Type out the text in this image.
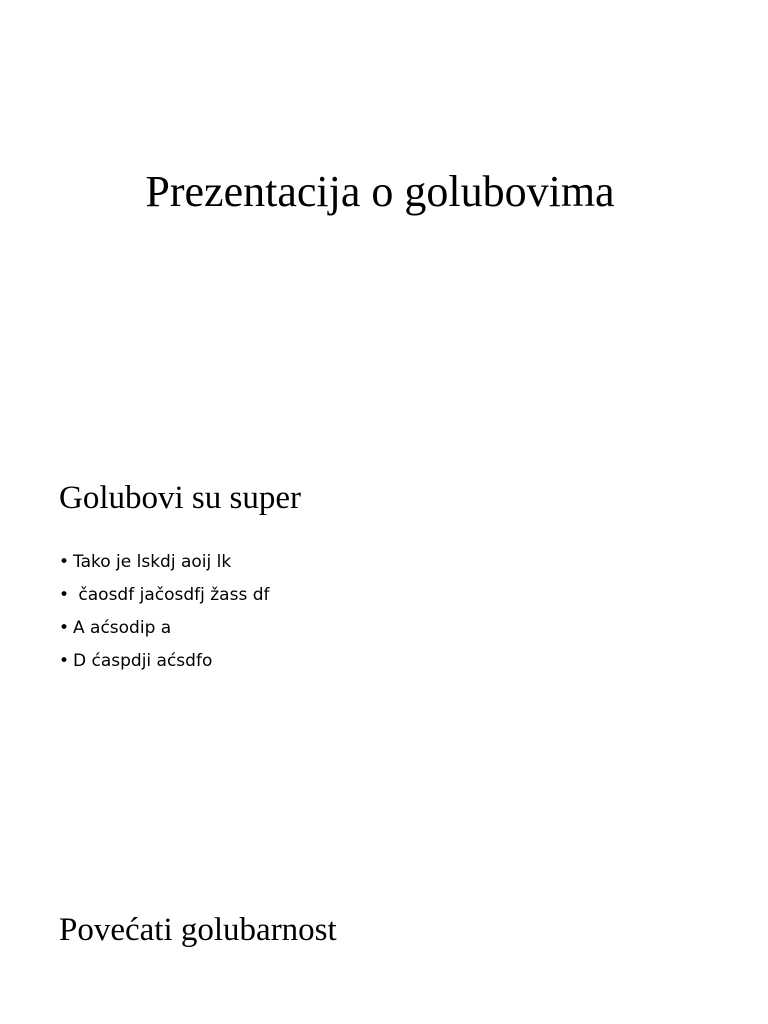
Prezentacija o golubovima
Golubovi su super
• Tako je lskdj aoij lk
• čaosdf jačosdfj žass df
• A aćsodip a
• D ćaspdji aćsdfo
Povećati golubarnost
